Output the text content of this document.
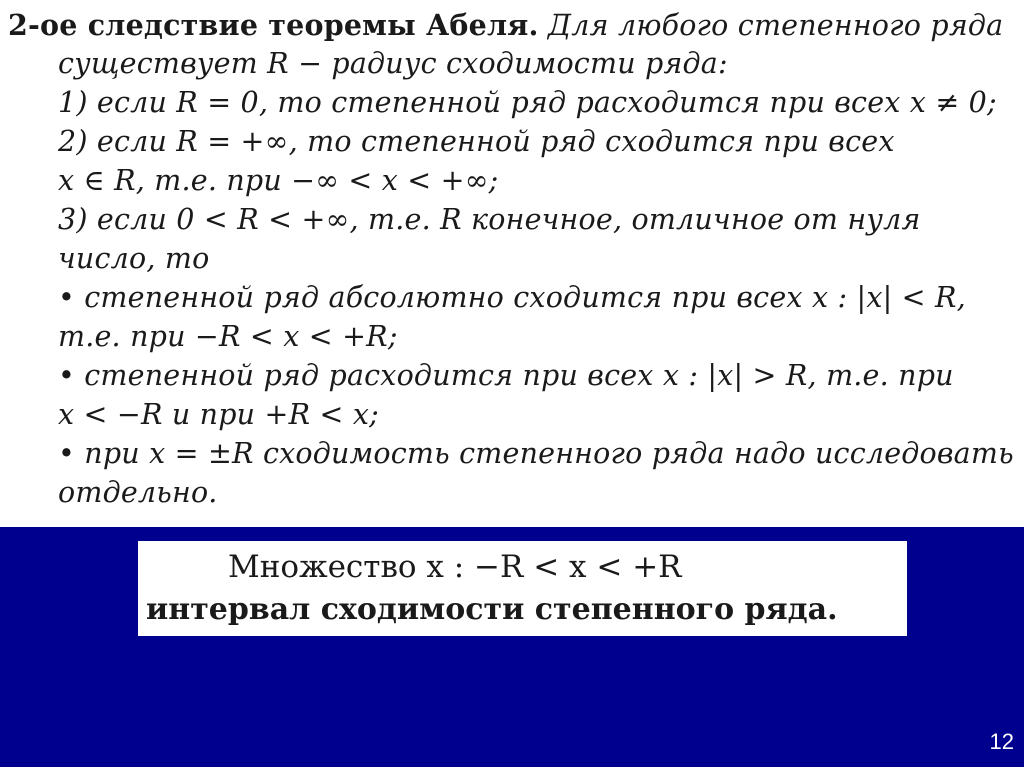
2-ое следствие теоремы Абеля. Для любого степенного ряда
существует R − радиус сходимости ряда:
1) если R = 0, то степенной ряд расходится при всех x ≠ 0;
2) если R = +∞, то степенной ряд сходится при всех
x ∈ R, т.е. при −∞ < x < +∞;
3) если 0 < R < +∞, т.е. R конечное, отличное от нуля
число, то
• степенной ряд абсолютно сходится при всех x : |x| < R,
т.е. при −R < x < +R;
• степенной ряд расходится при всех x : |x| > R, т.е. при
x < −R и при +R < x;
• при x = ±R сходимость степенного ряда надо исследовать
отдельно.
Множество x : −R < x < +R
интервал сходимости степенного ряда.
12
